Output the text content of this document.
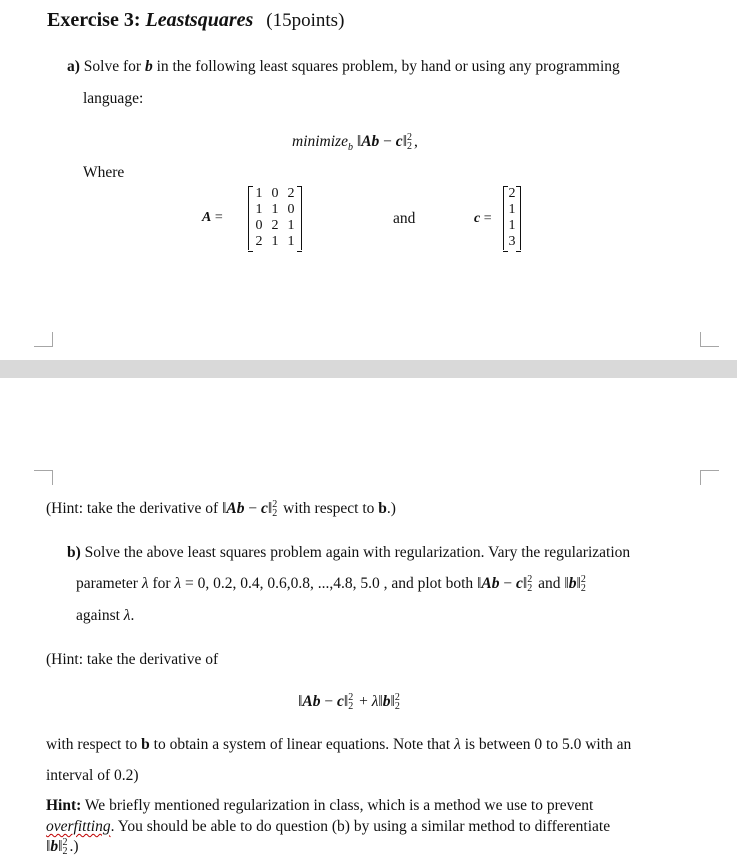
Exercise 3: Leastsquares (15points)
a) Solve for b in the following least squares problem, by hand or using any programming
language:
minimize$_b$ ‖Ab − c‖2
2 ,
Where
A =
1 0 2
1 1 0
0 2 1
2 1 1
and	c =
2
1
1
3
(Hint: take the derivative of ‖Ab − c‖2
2 with respect to b.)
b) Solve the above least squares problem again with regularization. Vary the regularization
parameter λ for λ = 0, 0.2, 0.4, 0.6,0.8, ...,4.8, 5.0 , and plot both ‖Ab − c‖2
2 and ‖b‖2
2
against λ.
(Hint: take the derivative of
‖Ab − c‖2
2 + λ‖b‖2
2
with respect to b to obtain a system of linear equations. Note that λ is between 0 to 5.0 with an
interval of 0.2)
Hint: We briefly mentioned regularization in class, which is a method we use to prevent
overfitting. You should be able to do question (b) by using a similar method to differentiate
‖b‖2
2 .)
